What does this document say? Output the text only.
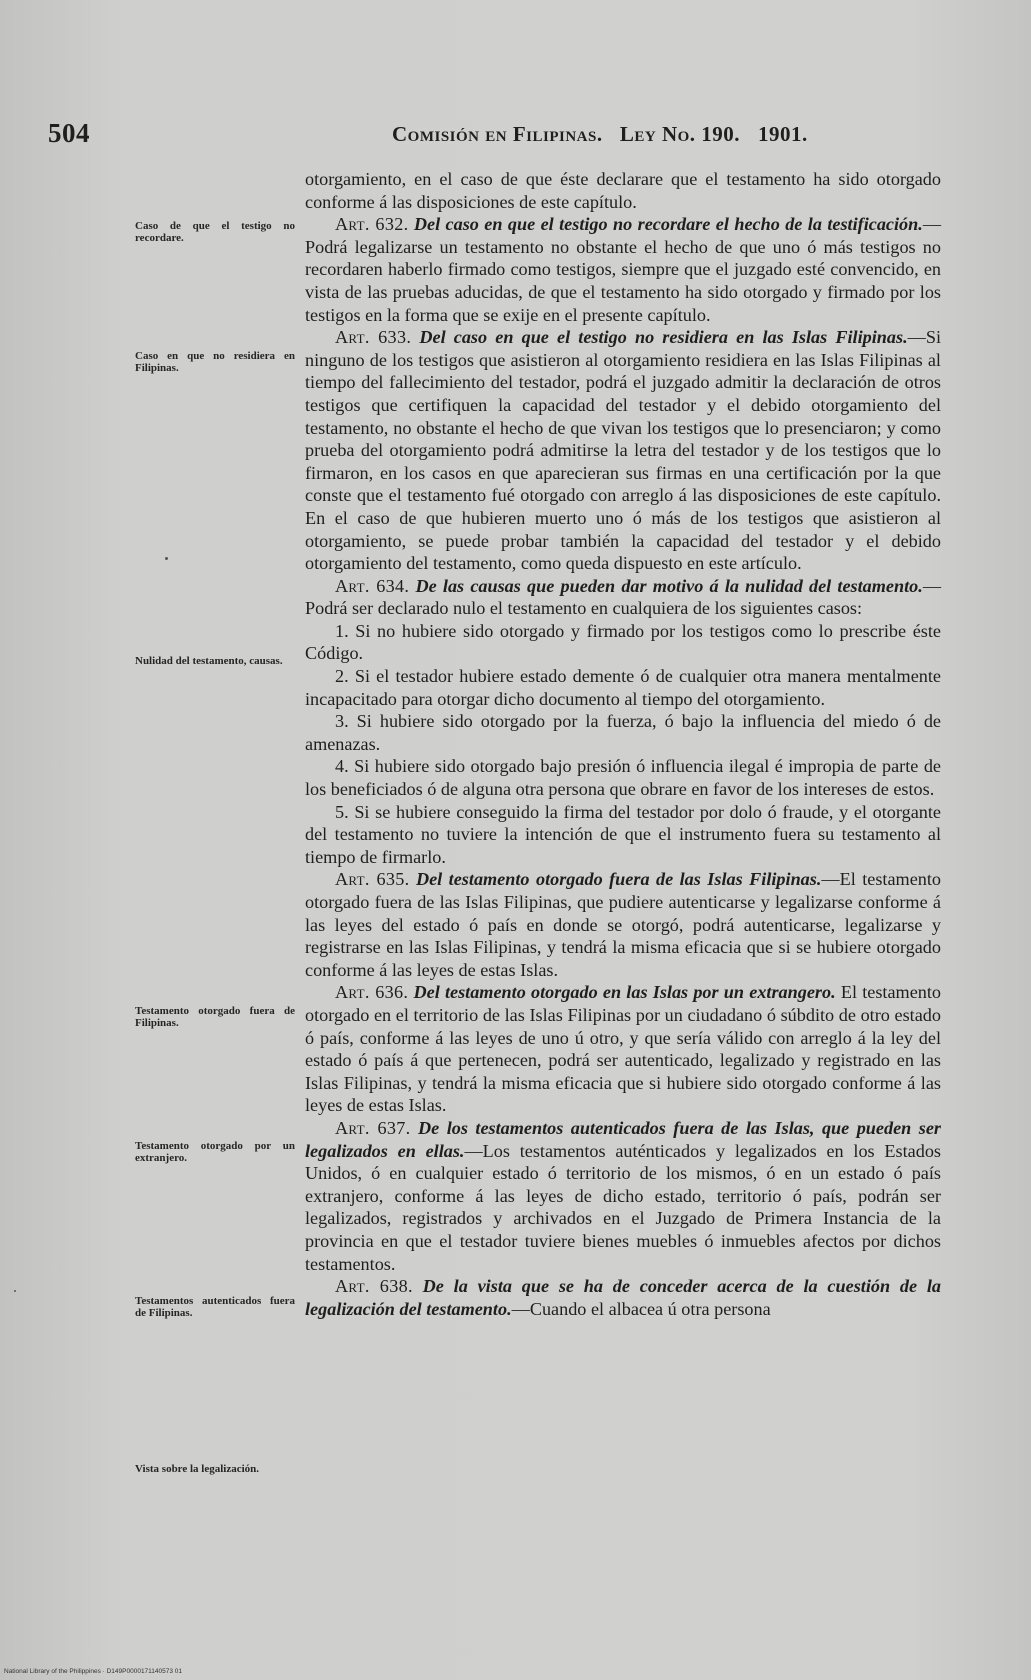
504	Comisión en Filipinas.   Ley No. 190. 1901.
Caso de que el testigo no recordare.
Caso en que no residiera en Filipinas.
Nulidad del testamento, causas.
Testamento otorgado fuera de Filipinas.
Testamento otorgado por un extranjero.
Testamentos autenticados fuera de Filipinas.
Vista sobre la legalización.

otorgamiento, en el caso de que éste declarare que el testamento ha sido otorgado conforme á las disposiciones de este capítulo.

Art. 632. Del caso en que el testigo no recordare el hecho de la testificación.—Podrá legalizarse un testamento no obstante el hecho de que uno ó más testigos no recordaren haberlo firmado como testigos, siempre que el juzgado esté convencido, en vista de las pruebas aducidas, de que el testamento ha sido otorgado y firmado por los testigos en la forma que se exije en el presente capítulo.

Art. 633. Del caso en que el testigo no residiera en las Islas Filipinas.—Si ninguno de los testigos que asistieron al otorgamiento residiera en las Islas Filipinas al tiempo del fallecimiento del testador, podrá el juzgado admitir la declaración de otros testigos que certifiquen la capacidad del testador y el debido otorgamiento del testamento, no obstante el hecho de que vivan los testigos que lo presenciaron; y como prueba del otorgamiento podrá admitirse la letra del testador y de los testigos que lo firmaron, en los casos en que aparecieran sus firmas en una certificación por la que conste que el testamento fué otorgado con arreglo á las disposiciones de este capítulo. En el caso de que hubieren muerto uno ó más de los testigos que asistieron al otorgamiento, se puede probar también la capacidad del testador y el debido otorgamiento del testamento, como queda dispuesto en este artículo.

Art. 634. De las causas que pueden dar motivo á la nulidad del testamento.—Podrá ser declarado nulo el testamento en cualquiera de los siguientes casos:

1. Si no hubiere sido otorgado y firmado por los testigos como lo prescribe éste Código.

2. Si el testador hubiere estado demente ó de cualquier otra manera mentalmente incapacitado para otorgar dicho documento al tiempo del otorgamiento.

3. Si hubiere sido otorgado por la fuerza, ó bajo la influencia del miedo ó de amenazas.

4. Si hubiere sido otorgado bajo presión ó influencia ilegal é impropia de parte de los beneficiados ó de alguna otra persona que obrare en favor de los intereses de estos.

5. Si se hubiere conseguido la firma del testador por dolo ó fraude, y el otorgante del testamento no tuviere la intención de que el instrumento fuera su testamento al tiempo de firmarlo.

Art. 635. Del testamento otorgado fuera de las Islas Filipinas.—El testamento otorgado fuera de las Islas Filipinas, que pudiere autenticarse y legalizarse conforme á las leyes del estado ó país en donde se otorgó, podrá autenticarse, legalizarse y registrarse en las Islas Filipinas, y tendrá la misma eficacia que si se hubiere otorgado conforme á las leyes de estas Islas.

Art. 636. Del testamento otorgado en las Islas por un extrangero. El testamento otorgado en el territorio de las Islas Filipinas por un ciudadano ó súbdito de otro estado ó país, conforme á las leyes de uno ú otro, y que sería válido con arreglo á la ley del estado ó país á que pertenecen, podrá ser autenticado, legalizado y registrado en las Islas Filipinas, y tendrá la misma eficacia que si hubiere sido otorgado conforme á las leyes de estas Islas.

Art. 637. De los testamentos autenticados fuera de las Islas, que pueden ser legalizados en ellas.—Los testamentos auténticados y legalizados en los Estados Unidos, ó en cualquier estado ó territorio de los mismos, ó en un estado ó país extranjero, conforme á las leyes de dicho estado, territorio ó país, podrán ser legalizados, registrados y archivados en el Juzgado de Primera Instancia de la provincia en que el testador tuviere bienes muebles ó inmuebles afectos por dichos testamentos.

Art. 638. De la vista que se ha de conceder acerca de la cuestión de la legalización del testamento.—Cuando el albacea ú otra persona

National Library of the Philippines · D149P0000171140573 01
